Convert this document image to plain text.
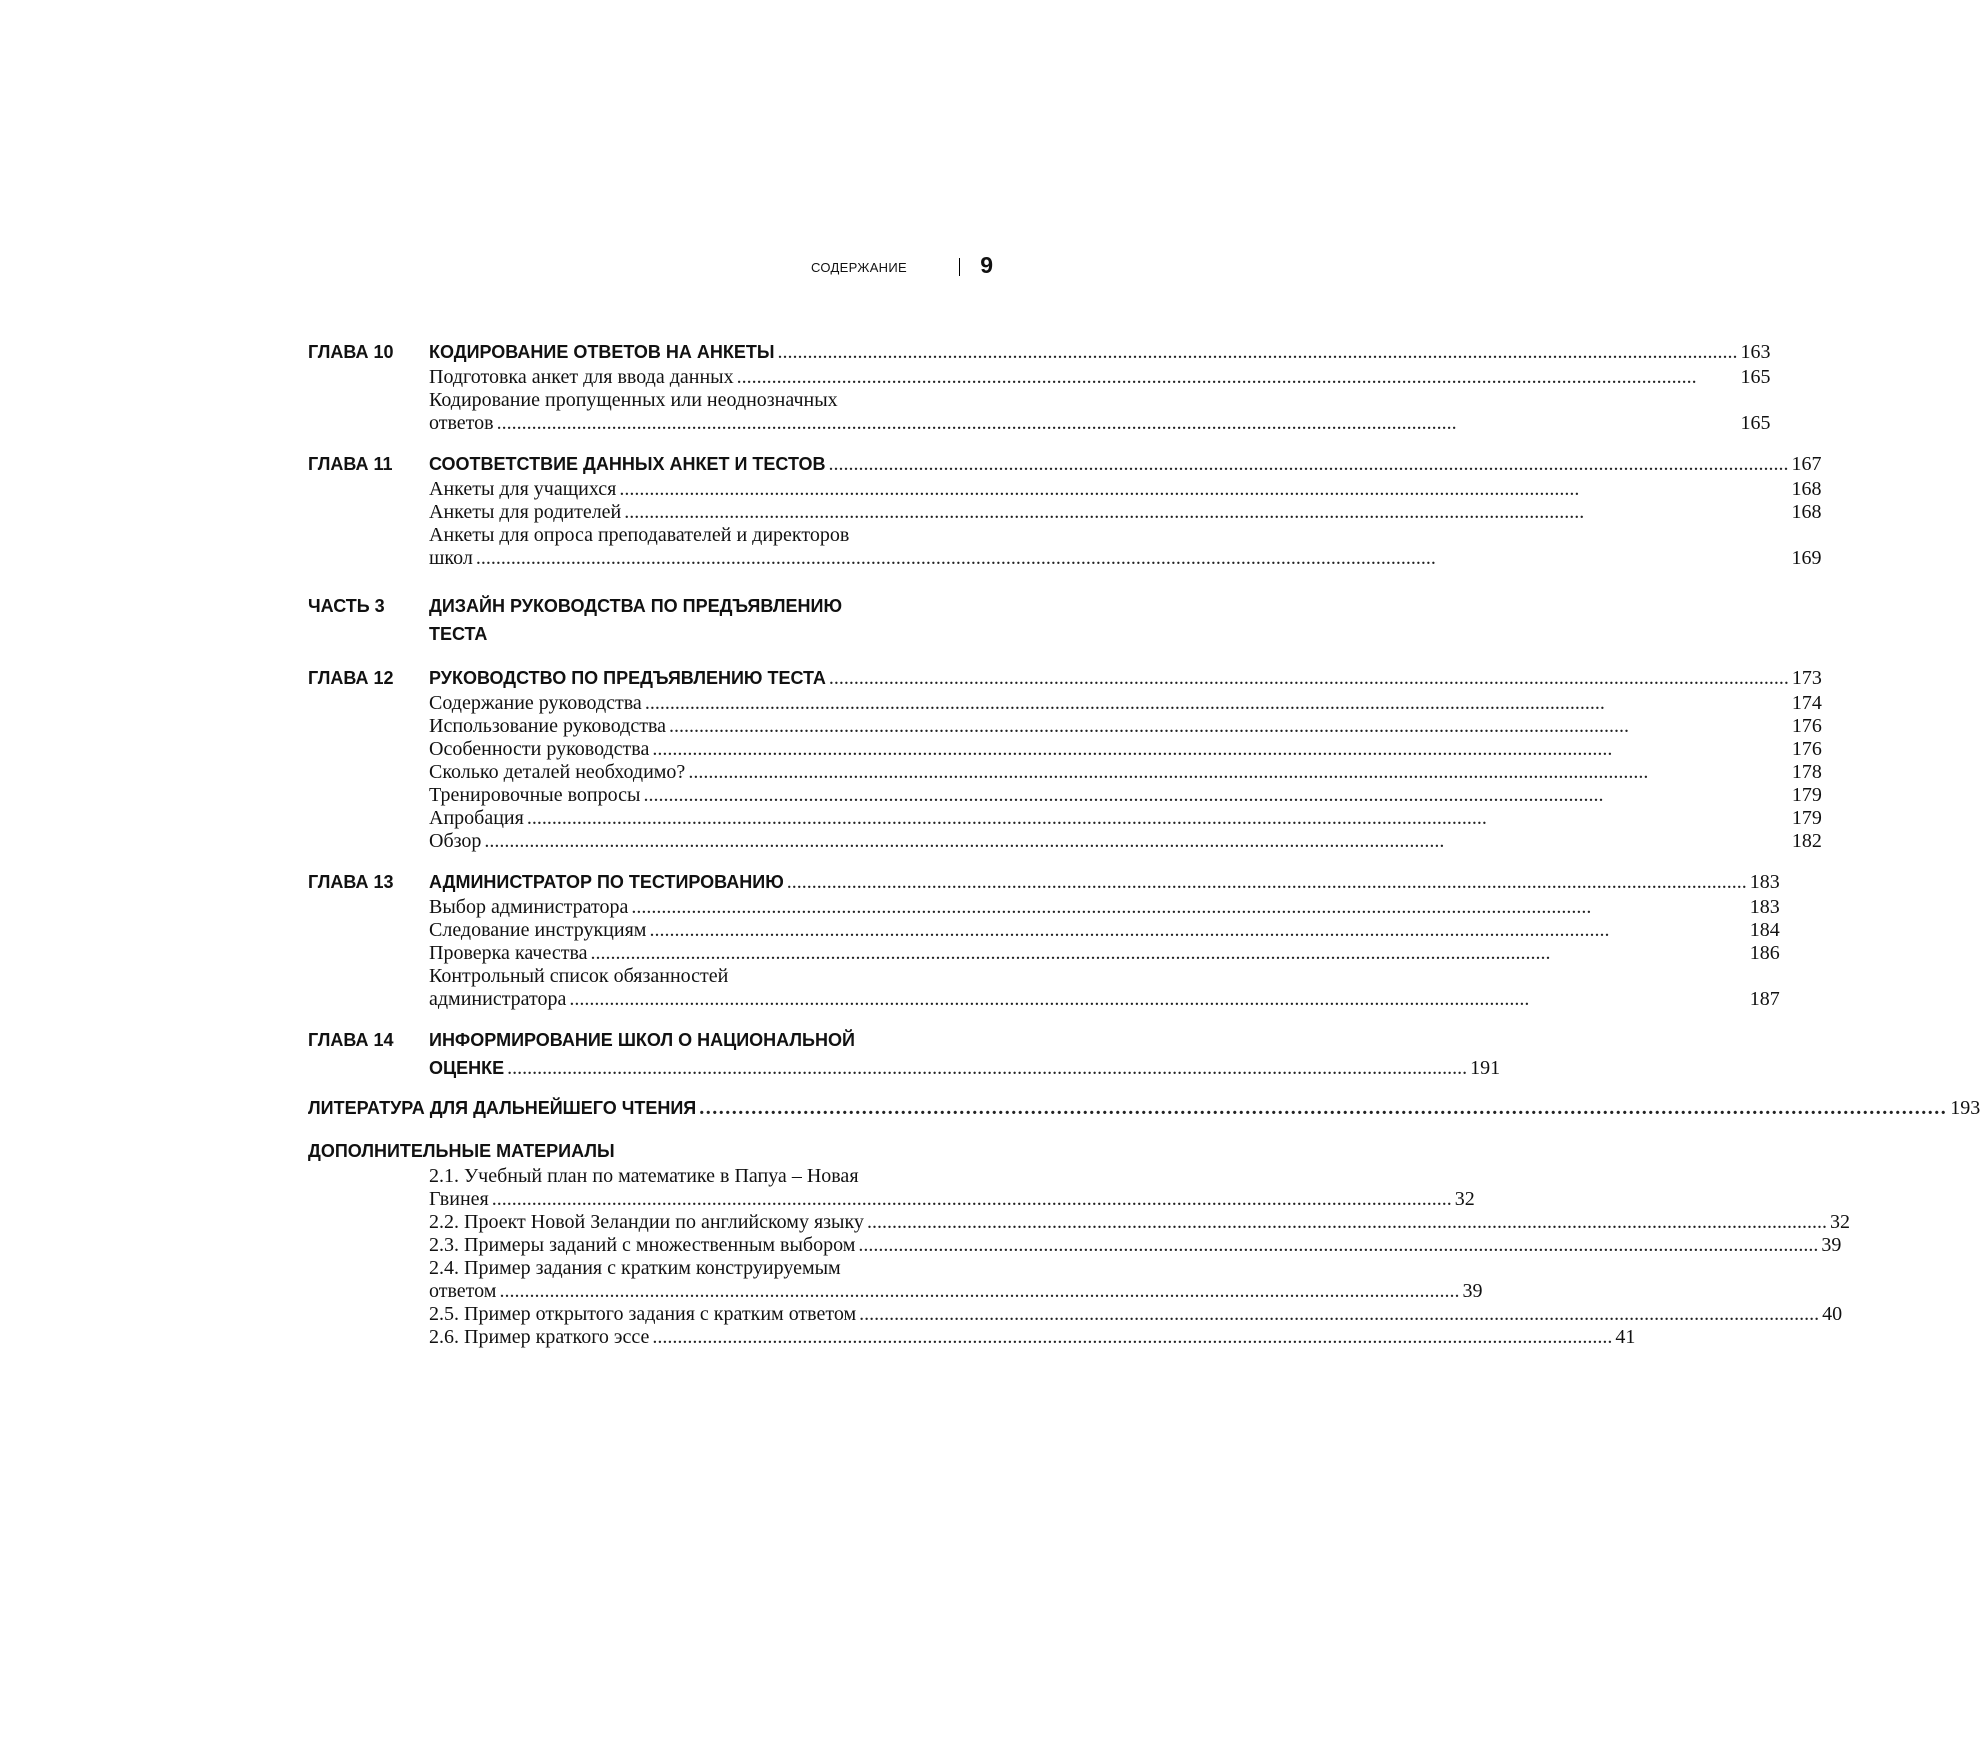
СОДЕРЖАНИЕ	9
ГЛАВА 10	КОДИРОВАНИЕ ОТВЕТОВ НА АНКЕТЫ .....	163
Подготовка анкет для ввода данных .....	165
Кодирование пропущенных или неоднозначных
ответов .....	165
ГЛАВА 11	СООТВЕТСТВИЕ ДАННЫХ АНКЕТ И ТЕСТОВ .....	167
Анкеты для учащихся .....	168
Анкеты для родителей .....	168
Анкеты для опроса преподавателей и директоров
школ .....	169
ЧАСТЬ 3	ДИЗАЙН РУКОВОДСТВА ПО ПРЕДЪЯВЛЕНИЮ
ТЕСТА
ГЛАВА 12	РУКОВОДСТВО ПО ПРЕДЪЯВЛЕНИЮ ТЕСТА .....	173
Содержание руководства .....	174
Использование руководства .....	176
Особенности руководства .....	176
Сколько деталей необходимо? .....	178
Тренировочные вопросы .....	179
Апробация .....	179
Обзор .....	182
ГЛАВА 13	АДМИНИСТРАТОР ПО ТЕСТИРОВАНИЮ .....	183
Выбор администратора .....	183
Следование инструкциям .....	184
Проверка качества .....	186
Контрольный список обязанностей
администратора .....	187
ГЛАВА 14	ИНФОРМИРОВАНИЕ ШКОЛ О НАЦИОНАЛЬНОЙ
ОЦЕНКЕ .....	191
ЛИТЕРАТУРА ДЛЯ ДАЛЬНЕЙШЕГО ЧТЕНИЯ .....	193
ДОПОЛНИТЕЛЬНЫЕ МАТЕРИАЛЫ
2.1. Учебный план по математике в Папуа – Новая
Гвинея .....	32
2.2. Проект Новой Зеландии по английскому языку .....	32
2.3. Примеры заданий с множественным выбором .....	39
2.4. Пример задания с кратким конструируемым
ответом .....	39
2.5. Пример открытого задания с кратким ответом .....	40
2.6. Пример краткого эссе .....	41
